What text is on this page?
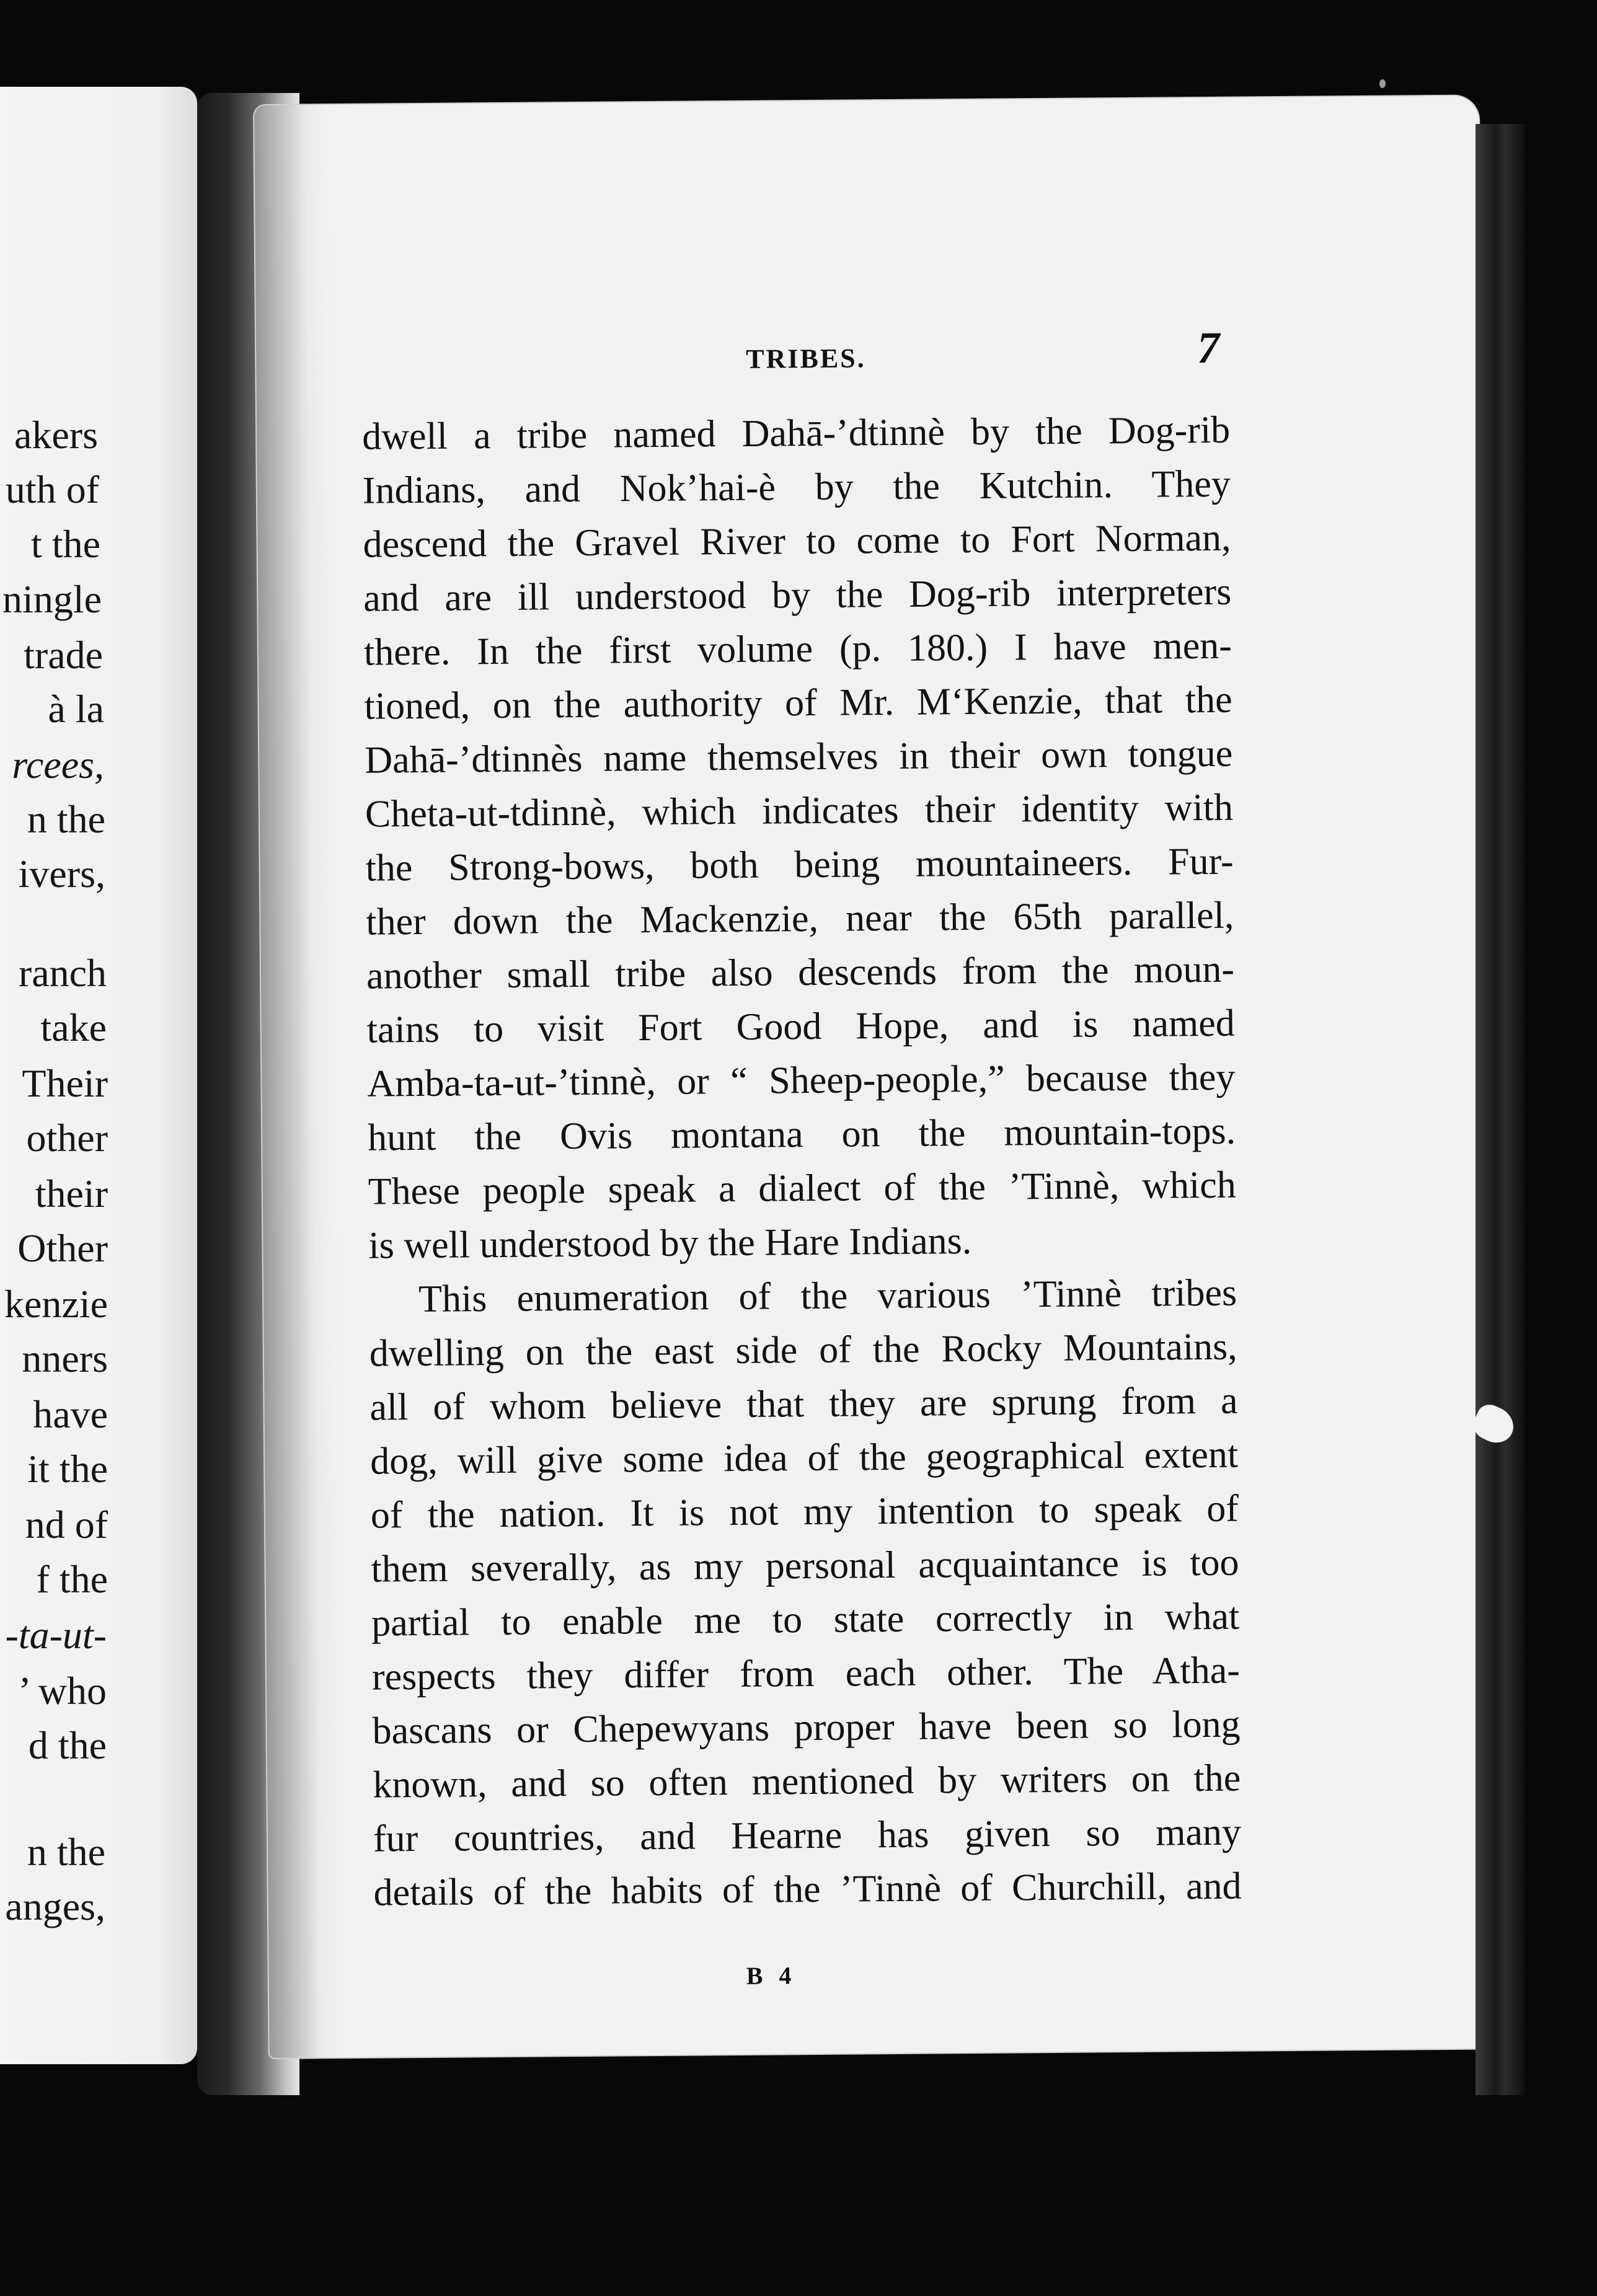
akers
uth of
t the
ningle
trade
à la
rcees,
n the
ivers,
ranch
take
Their
other
their
Other
kenzie
nners
have
it the
nd of
f the
-ta-ut-
’ who
d the
n the
anges,
TRIBES.	7
dwell a tribe named Dahā-’dtinnè by the Dog-rib
Indians, and Nok’hai-è by the Kutchin. They
descend the Gravel River to come to Fort Norman,
and are ill understood by the Dog-rib interpreters
there. In the first volume (p. 180.) I have men-
tioned, on the authority of Mr. M‘Kenzie, that the
Dahā-’dtinnès name themselves in their own tongue
Cheta-ut-tdinnè, which indicates their identity with
the Strong-bows, both being mountaineers. Fur-
ther down the Mackenzie, near the 65th parallel,
another small tribe also descends from the moun-
tains to visit Fort Good Hope, and is named
Amba-ta-ut-’tinnè, or “ Sheep-people,” because they
hunt the Ovis montana on the mountain-tops.
These people speak a dialect of the ’Tinnè, which
is well understood by the Hare Indians.
This enumeration of the various ’Tinnè tribes
dwelling on the east side of the Rocky Mountains,
all of whom believe that they are sprung from a
dog, will give some idea of the geographical extent
of the nation. It is not my intention to speak of
them severally, as my personal acquaintance is too
partial to enable me to state correctly in what
respects they differ from each other. The Atha-
bascans or Chepewyans proper have been so long
known, and so often mentioned by writers on the
fur countries, and Hearne has given so many
details of the habits of the ’Tinnè of Churchill, and
B 4
